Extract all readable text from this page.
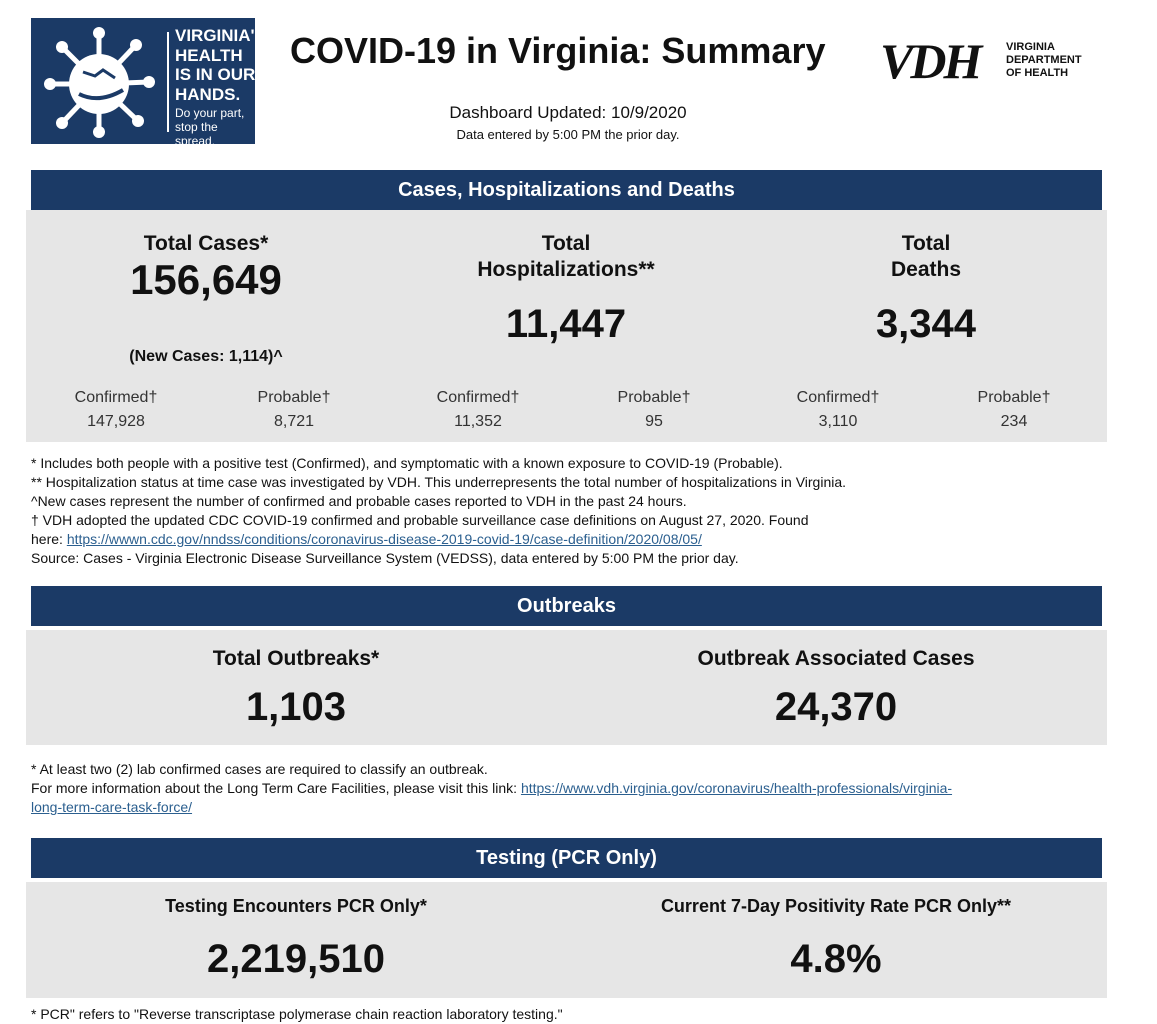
VIRGINIA'S
HEALTH
IS IN OUR
HANDS.
Do your part,
stop the spread.
COVID-19 in Virginia: Summary	VDH VIRGINIA
DEPARTMENT
OF HEALTH
Dashboard Updated: 10/9/2020
Data entered by 5:00 PM the prior day.
Cases, Hospitalizations and Deaths
Total Cases*
156,649
(New Cases: 1,114)^
Total
Hospitalizations**
11,447
Total
Deaths
3,344
Confirmed†
147,928
Probable†
8,721
Confirmed†
11,352
Probable†
95
Confirmed†
3,110
Probable†
234
* Includes both people with a positive test (Confirmed), and symptomatic with a known exposure to COVID-19 (Probable).
** Hospitalization status at time case was investigated by VDH. This underrepresents the total number of hospitalizations in Virginia.
^New cases represent the number of confirmed and probable cases reported to VDH in the past 24 hours.
† VDH adopted the updated CDC COVID-19 confirmed and probable surveillance case definitions on August 27, 2020. Found
here: https://wwwn.cdc.gov/nndss/conditions/coronavirus-disease-2019-covid-19/case-definition/2020/08/05/
Source: Cases - Virginia Electronic Disease Surveillance System (VEDSS), data entered by 5:00 PM the prior day.
Outbreaks
Total Outbreaks*
1,103
Outbreak Associated Cases
24,370
* At least two (2) lab confirmed cases are required to classify an outbreak.
For more information about the Long Term Care Facilities, please visit this link: https://www.vdh.virginia.gov/coronavirus/health-professionals/virginia-
long-term-care-task-force/
Testing (PCR Only)
Testing Encounters PCR Only*
2,219,510
Current 7-Day Positivity Rate PCR Only**
4.8%
* PCR" refers to "Reverse transcriptase polymerase chain reaction laboratory testing."
